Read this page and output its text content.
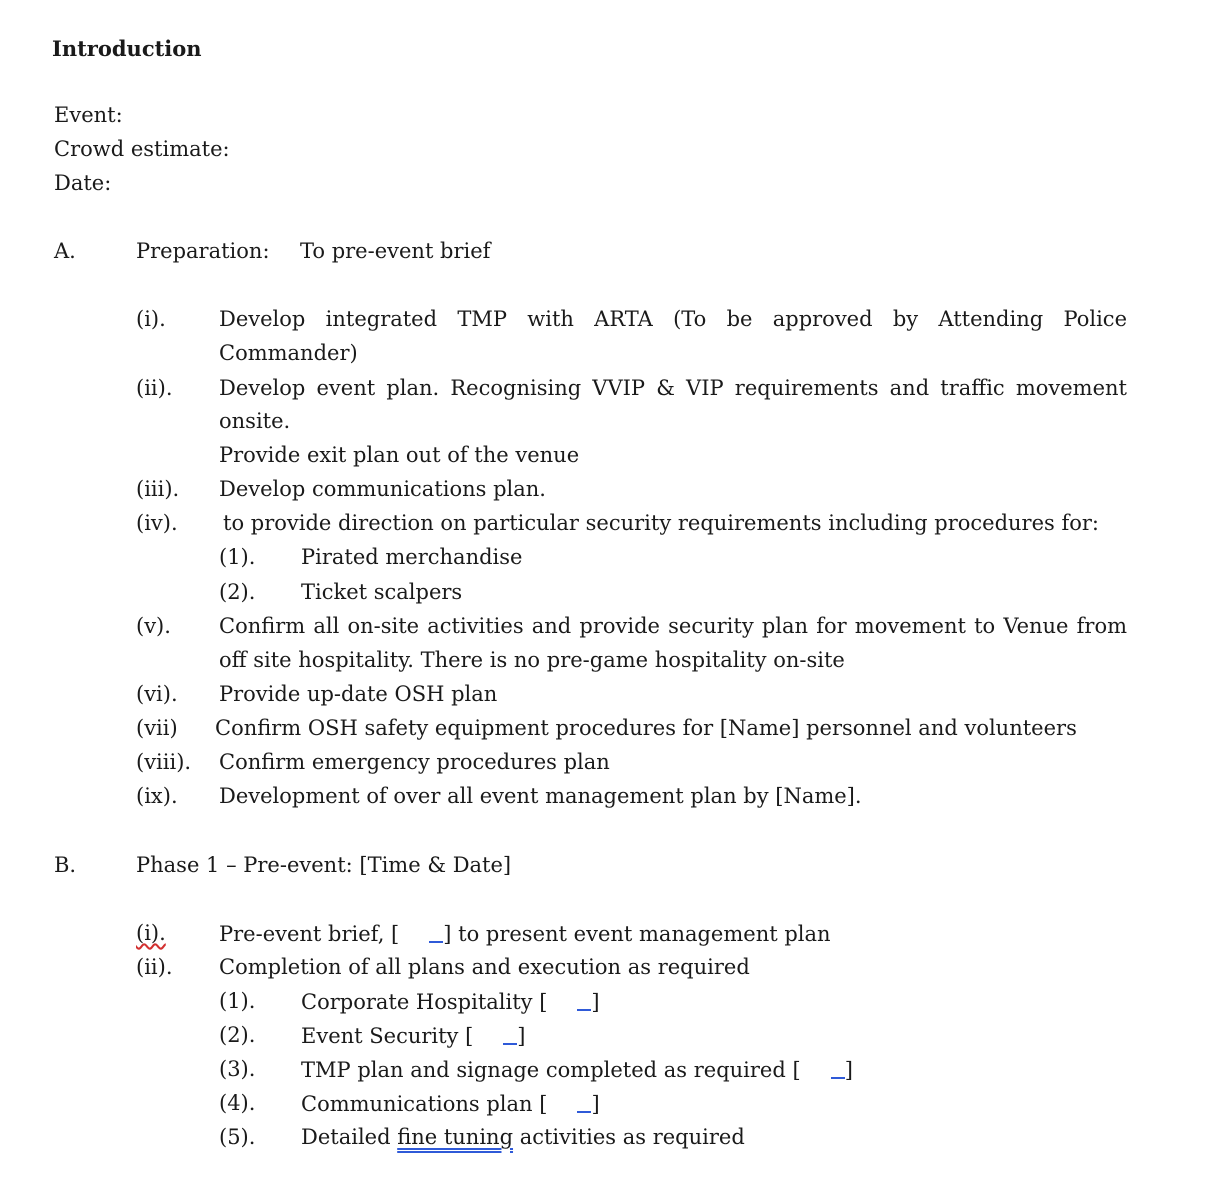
Introduction
Event:
Crowd estimate:
Date:
A.	Preparation: To pre-event brief
(i).	Develop integrated TMP with ARTA (To be approved by Attending Police
Commander)
(ii). Develop event plan. Recognising VVIP & VIP requirements and traffic movement
onsite.
Provide exit plan out of the venue
(iii). Develop communications plan.
(iv). to provide direction on particular security requirements including procedures for:
(1). Pirated merchandise
(2). Ticket scalpers
(v). Confirm all on-site activities and provide security plan for movement to Venue from
off site hospitality. There is no pre-game hospitality on-site
(vi). Provide up-date OSH plan
(vii) Confirm OSH safety equipment procedures for [Name] personnel and volunteers
(viii). Confirm emergency procedures plan
(ix). Development of over all event management plan by [Name].
B.	Phase 1 – Pre-event: [Time & Date]
(i).	Pre-event brief, [ ] to present event management plan
(ii). Completion of all plans and execution as required
(1). Corporate Hospitality [ ]
(2). Event Security [ ]
(3). TMP plan and signage completed as required [ ]
(4). Communications plan [ ]
(5). Detailed fine tuning activities as required
